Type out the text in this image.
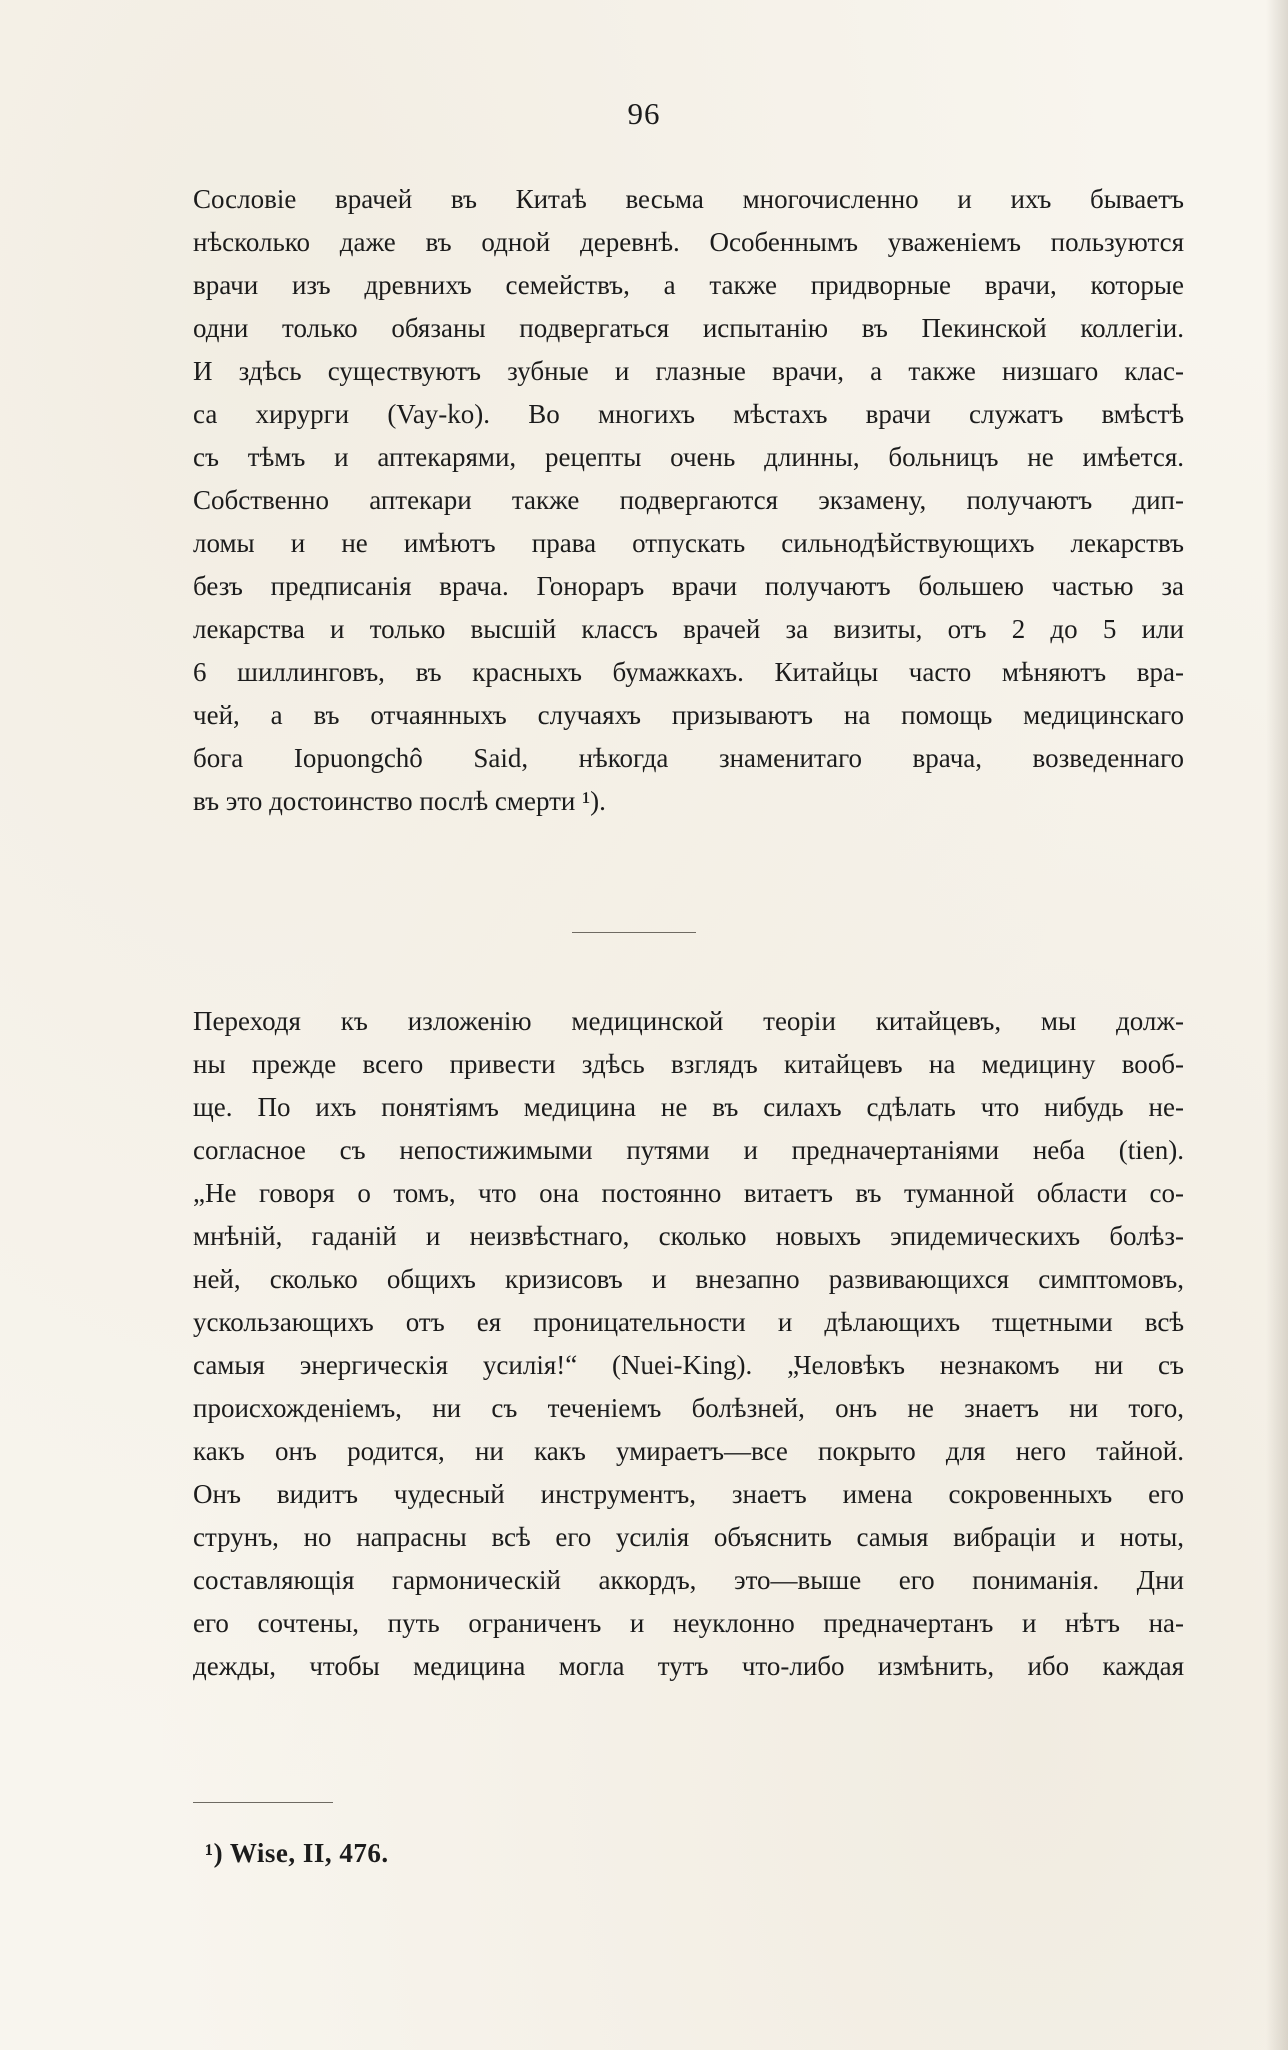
96
Сословіе врачей въ Китаѣ весьма многочисленно и ихъ бываетъ
нѣсколько даже въ одной деревнѣ. Особеннымъ уваженіемъ пользуются
врачи изъ древнихъ семействъ, а также придворные врачи, которые
одни только обязаны подвергаться испытанію въ Пекинской коллегіи.
И здѣсь существуютъ зубные и глазные врачи, а также низшаго клас-
са хирурги (Vay-ko). Во многихъ мѣстахъ врачи служатъ вмѣстѣ
съ тѣмъ и аптекарями, рецепты очень длинны, больницъ не имѣется.
Собственно аптекари также подвергаются экзамену, получаютъ дип-
ломы и не имѣютъ права отпускать сильнодѣйствующихъ лекарствъ
безъ предписанія врача. Гонораръ врачи получаютъ большею частью за
лекарства и только высшій классъ врачей за визиты, отъ 2 до 5 или
6 шиллинговъ, въ красныхъ бумажкахъ. Китайцы часто мѣняютъ вра-
чей, а въ отчаянныхъ случаяхъ призываютъ на помощь медицинскаго
бога Iopuongchô Said, нѣкогда знаменитаго врача, возведеннаго
въ это достоинство послѣ смерти ¹).
Переходя къ изложенію медицинской теоріи китайцевъ, мы долж-
ны прежде всего привести здѣсь взглядъ китайцевъ на медицину вооб-
ще. По ихъ понятіямъ медицина не въ силахъ сдѣлать что нибудь не-
согласное съ непостижимыми путями и предначертаніями неба (tien).
„Не говоря о томъ, что она постоянно витаетъ въ туманной области со-
мнѣній, гаданій и неизвѣстнаго, сколько новыхъ эпидемическихъ болѣз-
ней, сколько общихъ кризисовъ и внезапно развивающихся симптомовъ,
ускользающихъ отъ ея проницательности и дѣлающихъ тщетными всѣ
самыя энергическія усилія!“ (Nuei-King). „Человѣкъ незнакомъ ни съ
происхожденіемъ, ни съ теченіемъ болѣзней, онъ не знаетъ ни того,
какъ онъ родится, ни какъ умираетъ—все покрыто для него тайной.
Онъ видитъ чудесный инструментъ, знаетъ имена сокровенныхъ его
струнъ, но напрасны всѣ его усилія объяснить самыя вибраціи и ноты,
составляющія гармоническій аккордъ, это—выше его пониманія. Дни
его сочтены, путь ограниченъ и неуклонно предначертанъ и нѣтъ на-
дежды, чтобы медицина могла тутъ что-либо измѣнить, ибо каждая
¹) Wise, II, 476.
